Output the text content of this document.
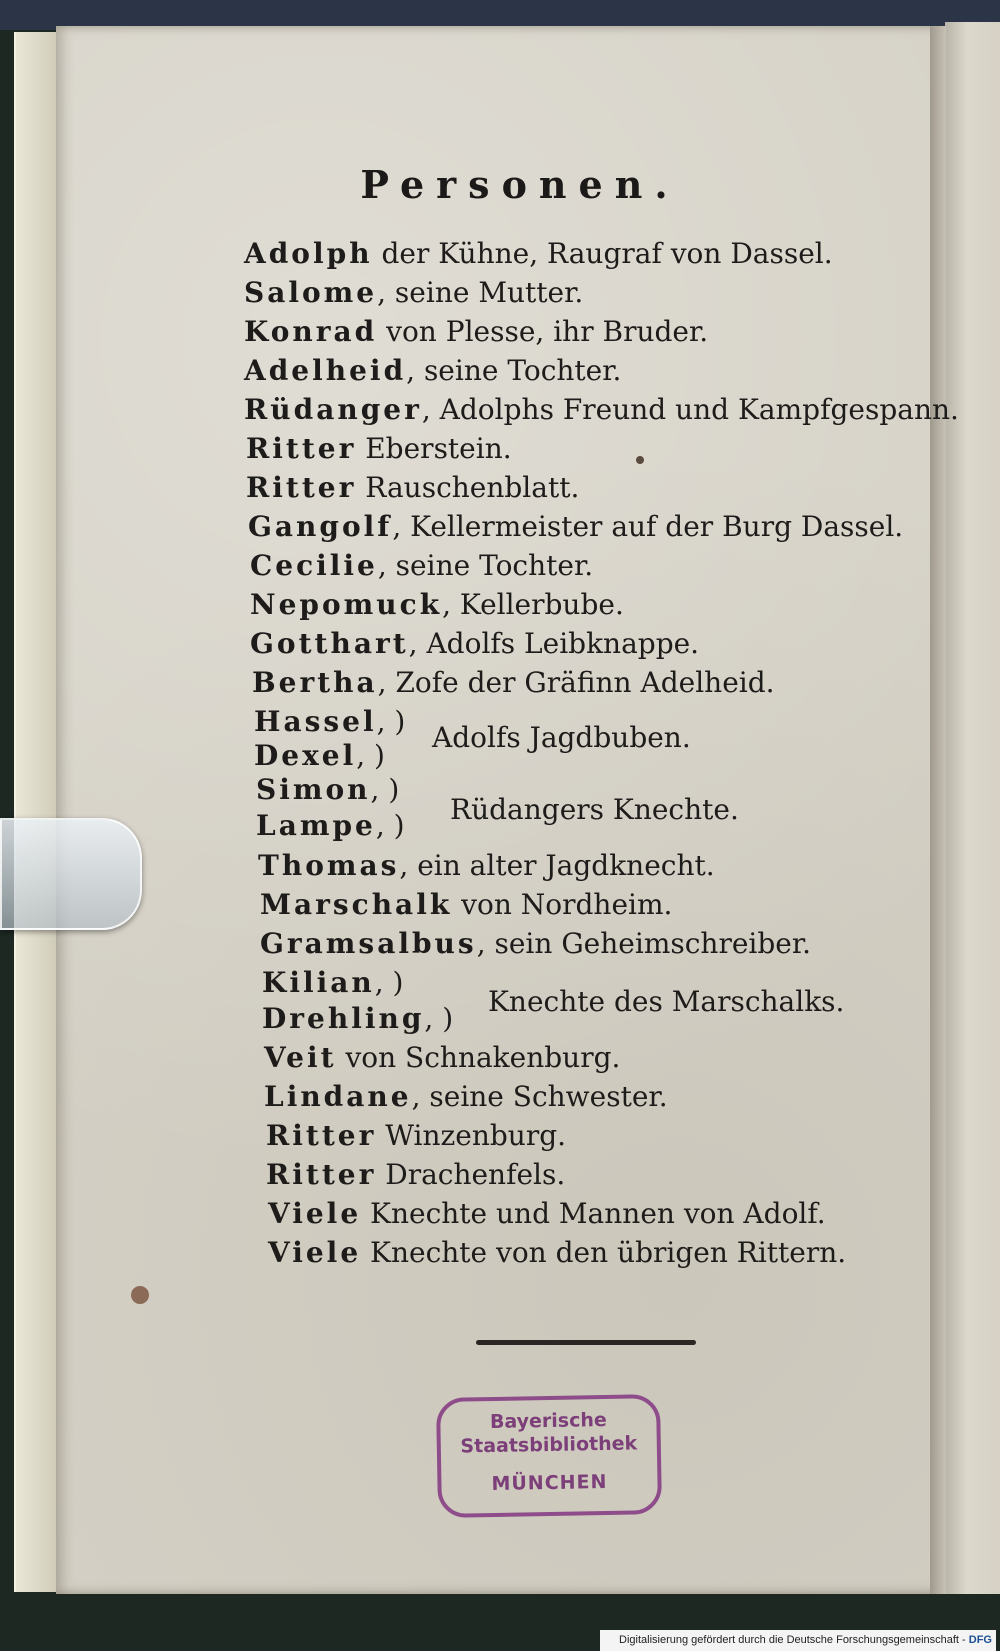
Personen.
Adolph der Kühne, Raugraf von Dassel.
Salome, seine Mutter.
Konrad von Plesse, ihr Bruder.
Adelheid, seine Tochter.
Rüdanger, Adolphs Freund und Kampfgespann.
Ritter Eberstein.
Ritter Rauschenblatt.
Gangolf, Kellermeister auf der Burg Dassel.
Cecilie, seine Tochter.
Nepomuck, Kellerbube.
Gotthart, Adolfs Leibknappe.
Bertha, Zofe der Gräfinn Adelheid.
Hassel, )
Dexel, )
Adolfs Jagdbuben.
Simon, )
Lampe, ) Rüdangers Knechte.
Thomas, ein alter Jagdknecht.
Marschalk von Nordheim.
Gramsalbus, sein Geheimschreiber.
Kilian, )
Drehling, )
Knechte des Marschalks.
Veit von Schnakenburg.
Lindane, seine Schwester.
Ritter Winzenburg.
Ritter Drachenfels.
Viele Knechte und Mannen von Adolf.
Viele Knechte von den übrigen Rittern.
Bayerische
Staatsbibliothek
MÜNCHEN
Digitalisierung gefördert durch die Deutsche Forschungsgemeinschaft - DFG
